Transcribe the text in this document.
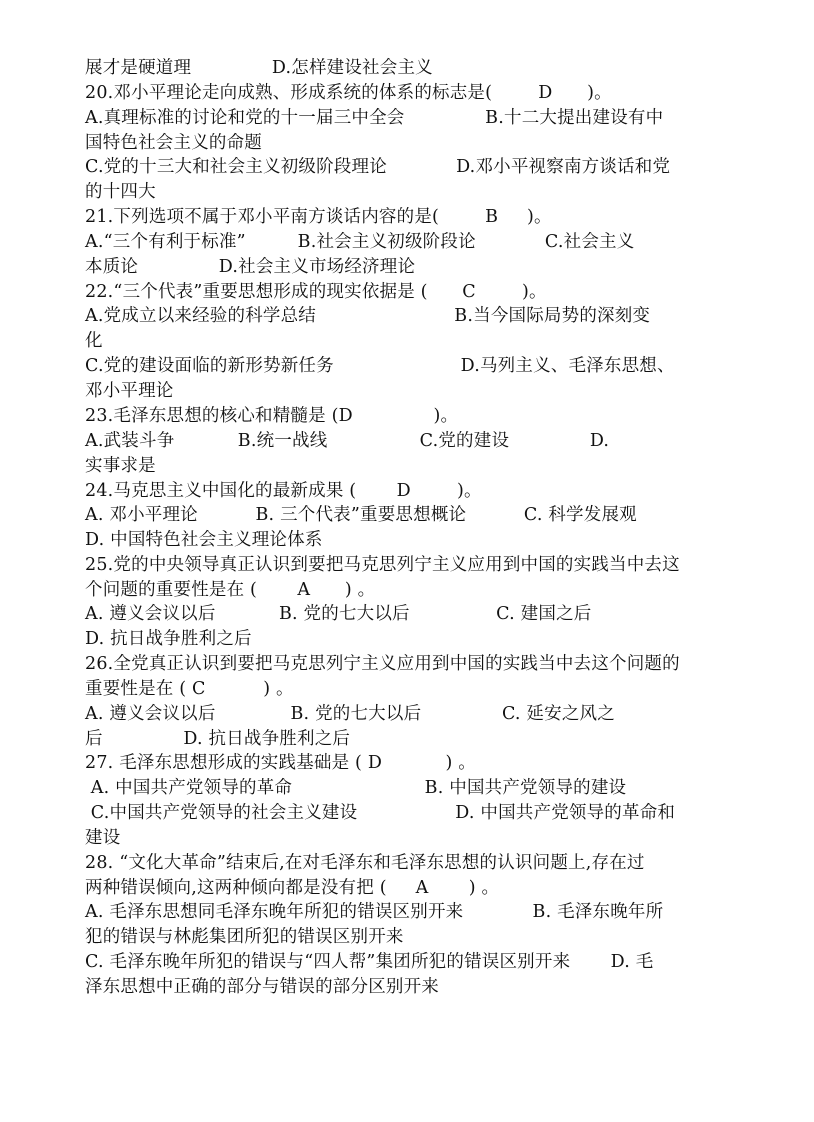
展才是硬道理              D.怎样建设社会主义
20.邓小平理论走向成熟、形成系统的体系的标志是(        D      )。
A.真理标准的讨论和党的十一届三中全会              B.十二大提出建设有中
国特色社会主义的命题
C.党的十三大和社会主义初级阶段理论            D.邓小平视察南方谈话和党
的十四大
21.下列选项不属于邓小平南方谈话内容的是(        B     )。
A.“三个有利于标准”         B.社会主义初级阶段论            C.社会主义
本质论              D.社会主义市场经济理论
22.“三个代表”重要思想形成的现实依据是 (      C        )。
A.党成立以来经验的科学总结                        B.当今国际局势的深刻变
化
C.党的建设面临的新形势新任务                      D.马列主义、毛泽东思想、
邓小平理论
23.毛泽东思想的核心和精髓是 (D              )。
A.武装斗争           B.统一战线                C.党的建设              D.
实事求是
24.马克思主义中国化的最新成果 (       D        )。
A. 邓小平理论          B. 三个代表”重要思想概论          C. 科学发展观
D. 中国特色社会主义理论体系
25.党的中央领导真正认识到要把马克思列宁主义应用到中国的实践当中去这
个问题的重要性是在 (       A      ) 。
A. 遵义会议以后           B. 党的七大以后               C. 建国之后
D. 抗日战争胜利之后
26.全党真正认识到要把马克思列宁主义应用到中国的实践当中去这个问题的
重要性是在 ( C          ) 。
A. 遵义会议以后             B. 党的七大以后              C. 延安之风之
后              D. 抗日战争胜利之后
27. 毛泽东思想形成的实践基础是 ( D           ) 。
A. 中国共产党领导的革命                       B. 中国共产党领导的建设
C.中国共产党领导的社会主义建设                 D. 中国共产党领导的革命和
建设
28. “文化大革命”结束后,在对毛泽东和毛泽东思想的认识问题上,存在过
两种错误倾向,这两种倾向都是没有把 (     A       ) 。
A. 毛泽东思想同毛泽东晚年所犯的错误区别开来            B. 毛泽东晚年所
犯的错误与林彪集团所犯的错误区别开来
C. 毛泽东晚年所犯的错误与“四人帮”集团所犯的错误区别开来       D. 毛
泽东思想中正确的部分与错误的部分区别开来
